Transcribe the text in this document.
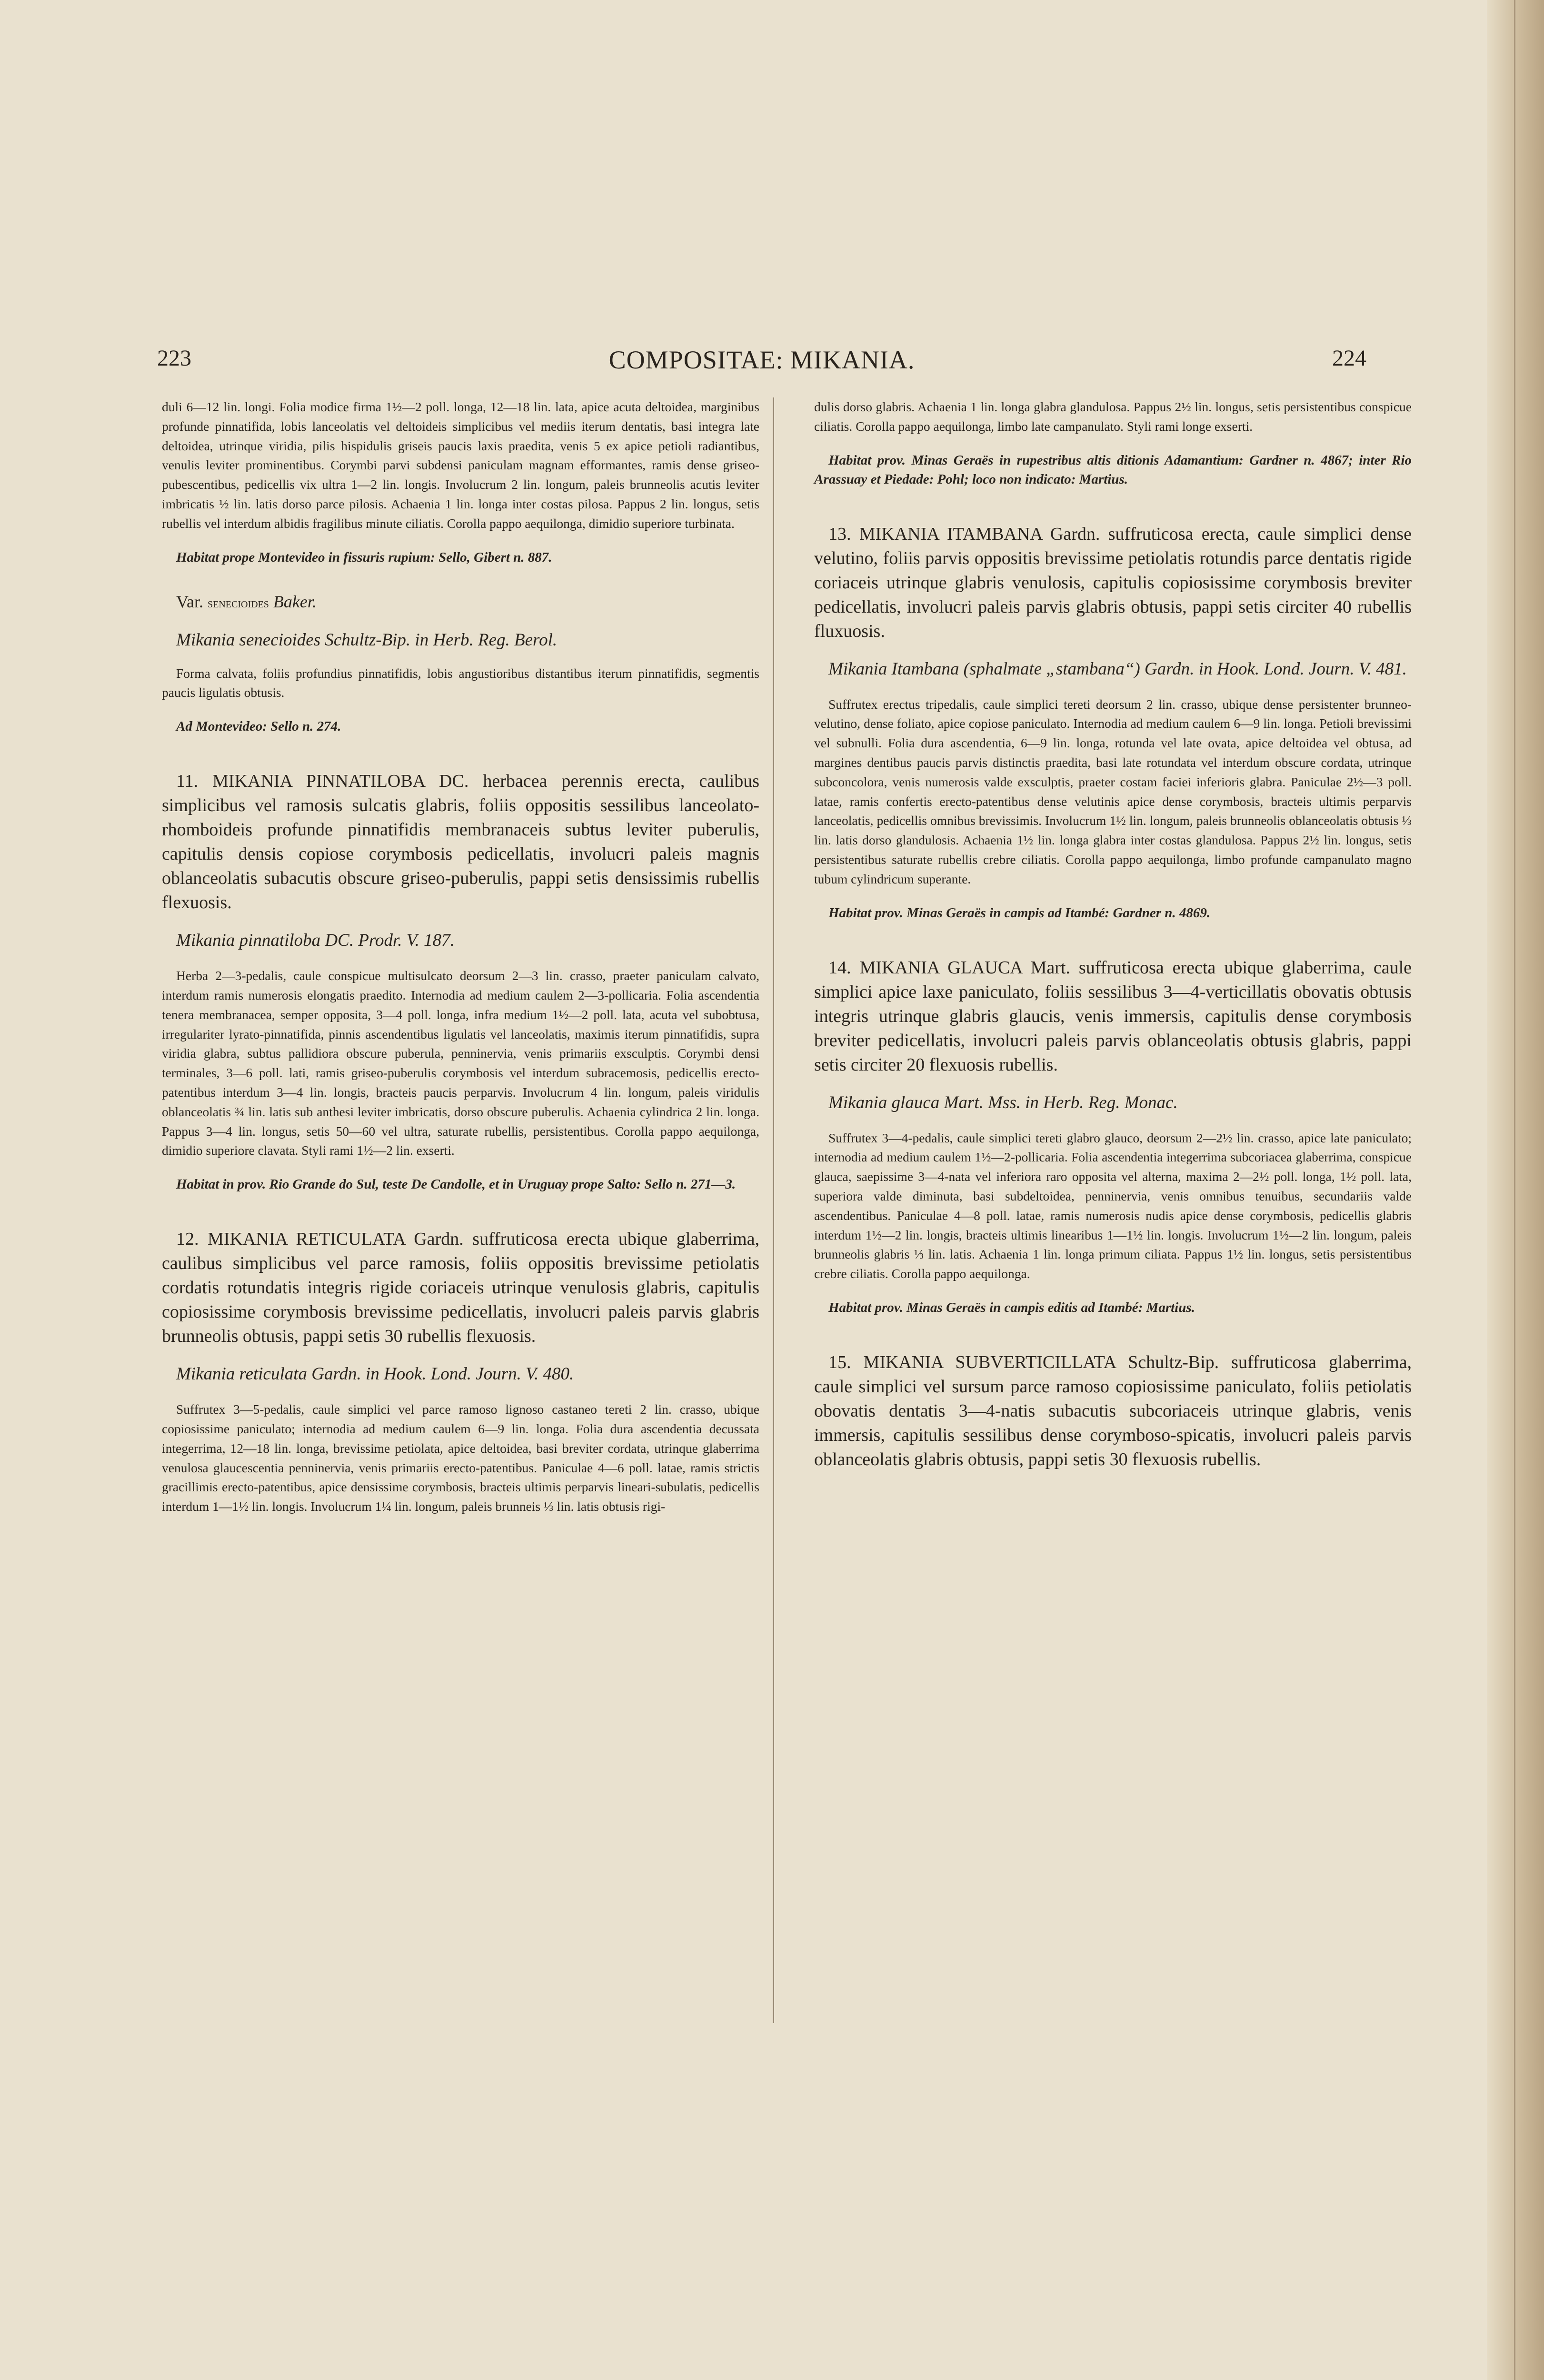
223	COMPOSITAE: MIKANIA.	224

duli 6—12 lin. longi. Folia modice firma 1½—2 poll. longa, 12—18 lin. lata, apice acuta deltoidea, marginibus profunde pinnatifida, lobis lanceolatis vel deltoideis simplicibus vel mediis iterum dentatis, basi integra late deltoidea, utrinque viridia, pilis hispidulis griseis paucis laxis praedita, venis 5 ex apice petioli radiantibus, venulis leviter prominentibus. Corymbi parvi subdensi paniculam magnam efformantes, ramis dense griseo-pubescentibus, pedicellis vix ultra 1—2 lin. longis. Involucrum 2 lin. longum, paleis brunneolis acutis leviter imbricatis ½ lin. latis dorso parce pilosis. Achaenia 1 lin. longa inter costas pilosa. Pappus 2 lin. longus, setis rubellis vel interdum albidis fragilibus minute ciliatis. Corolla pappo aequilonga, dimidio superiore turbinata.

Habitat prope Montevideo in fissuris rupium: Sello, Gibert n. 887.

Var. senecioides Baker.

Mikania senecioides Schultz-Bip. in Herb. Reg. Berol.

Forma calvata, foliis profundius pinnatifidis, lobis angustioribus distantibus iterum pinnatifidis, segmentis paucis ligulatis obtusis.

Ad Montevideo: Sello n. 274.

11. MIKANIA PINNATILOBA DC. herbacea perennis erecta, caulibus simplicibus vel ramosis sulcatis glabris, foliis oppositis sessilibus lanceolato-rhomboideis profunde pinnatifidis membranaceis subtus leviter puberulis, capitulis densis copiose corymbosis pedicellatis, involucri paleis magnis oblanceolatis subacutis obscure griseo-puberulis, pappi setis densissimis rubellis flexuosis.

Mikania pinnatiloba DC. Prodr. V. 187.

Herba 2—3-pedalis, caule conspicue multisulcato deorsum 2—3 lin. crasso, praeter paniculam calvato, interdum ramis numerosis elongatis praedito. Internodia ad medium caulem 2—3-pollicaria. Folia ascendentia tenera membranacea, semper opposita, 3—4 poll. longa, infra medium 1½—2 poll. lata, acuta vel subobtusa, irregulariter lyrato-pinnatifida, pinnis ascendentibus ligulatis vel lanceolatis, maximis iterum pinnatifidis, supra viridia glabra, subtus pallidiora obscure puberula, penninervia, venis primariis exsculptis. Corymbi densi terminales, 3—6 poll. lati, ramis griseo-puberulis corymbosis vel interdum subracemosis, pedicellis erecto-patentibus interdum 3—4 lin. longis, bracteis paucis perparvis. Involucrum 4 lin. longum, paleis viridulis oblanceolatis ¾ lin. latis sub anthesi leviter imbricatis, dorso obscure puberulis. Achaenia cylindrica 2 lin. longa. Pappus 3—4 lin. longus, setis 50—60 vel ultra, saturate rubellis, persistentibus. Corolla pappo aequilonga, dimidio superiore clavata. Styli rami 1½—2 lin. exserti.

Habitat in prov. Rio Grande do Sul, teste De Candolle, et in Uruguay prope Salto: Sello n. 271—3.

12. MIKANIA RETICULATA Gardn. suffruticosa erecta ubique glaberrima, caulibus simplicibus vel parce ramosis, foliis oppositis brevissime petiolatis cordatis rotundatis integris rigide coriaceis utrinque venulosis glabris, capitulis copiosissime corymbosis brevissime pedicellatis, involucri paleis parvis glabris brunneolis obtusis, pappi setis 30 rubellis flexuosis.

Mikania reticulata Gardn. in Hook. Lond. Journ. V. 480.

Suffrutex 3—5-pedalis, caule simplici vel parce ramoso lignoso castaneo tereti 2 lin. crasso, ubique copiosissime paniculato; internodia ad medium caulem 6—9 lin. longa. Folia dura ascendentia decussata integerrima, 12—18 lin. longa, brevissime petiolata, apice deltoidea, basi breviter cordata, utrinque glaberrima venulosa glaucescentia penninervia, venis primariis erecto-patentibus. Paniculae 4—6 poll. latae, ramis strictis gracillimis erecto-patentibus, apice densissime corymbosis, bracteis ultimis perparvis lineari-subulatis, pedicellis interdum 1—1½ lin. longis. Involucrum 1¼ lin. longum, paleis brunneis ⅓ lin. latis obtusis rigi-

dulis dorso glabris. Achaenia 1 lin. longa glabra glandulosa. Pappus 2½ lin. longus, setis persistentibus conspicue ciliatis. Corolla pappo aequilonga, limbo late campanulato. Styli rami longe exserti.

Habitat prov. Minas Geraës in rupestribus altis ditionis Adamantium: Gardner n. 4867; inter Rio Arassuay et Piedade: Pohl; loco non indicato: Martius.

13. MIKANIA ITAMBANA Gardn. suffruticosa erecta, caule simplici dense velutino, foliis parvis oppositis brevissime petiolatis rotundis parce dentatis rigide coriaceis utrinque glabris venulosis, capitulis copiosissime corymbosis breviter pedicellatis, involucri paleis parvis glabris obtusis, pappi setis circiter 40 rubellis fluxuosis.

Mikania Itambana (sphalmate „stambana“) Gardn. in Hook. Lond. Journ. V. 481.

Suffrutex erectus tripedalis, caule simplici tereti deorsum 2 lin. crasso, ubique dense persistenter brunneo-velutino, dense foliato, apice copiose paniculato. Internodia ad medium caulem 6—9 lin. longa. Petioli brevissimi vel subnulli. Folia dura ascendentia, 6—9 lin. longa, rotunda vel late ovata, apice deltoidea vel obtusa, ad margines dentibus paucis parvis distinctis praedita, basi late rotundata vel interdum obscure cordata, utrinque subconcolora, venis numerosis valde exsculptis, praeter costam faciei inferioris glabra. Paniculae 2½—3 poll. latae, ramis confertis erecto-patentibus dense velutinis apice dense corymbosis, bracteis ultimis perparvis lanceolatis, pedicellis omnibus brevissimis. Involucrum 1½ lin. longum, paleis brunneolis oblanceolatis obtusis ⅓ lin. latis dorso glandulosis. Achaenia 1½ lin. longa glabra inter costas glandulosa. Pappus 2½ lin. longus, setis persistentibus saturate rubellis crebre ciliatis. Corolla pappo aequilonga, limbo profunde campanulato magno tubum cylindricum superante.

Habitat prov. Minas Geraës in campis ad Itambé: Gardner n. 4869.

14. MIKANIA GLAUCA Mart. suffruticosa erecta ubique glaberrima, caule simplici apice laxe paniculato, foliis sessilibus 3—4-verticillatis obovatis obtusis integris utrinque glabris glaucis, venis immersis, capitulis dense corymbosis breviter pedicellatis, involucri paleis parvis oblanceolatis obtusis glabris, pappi setis circiter 20 flexuosis rubellis.

Mikania glauca Mart. Mss. in Herb. Reg. Monac.

Suffrutex 3—4-pedalis, caule simplici tereti glabro glauco, deorsum 2—2½ lin. crasso, apice late paniculato; internodia ad medium caulem 1½—2-pollicaria. Folia ascendentia integerrima subcoriacea glaberrima, conspicue glauca, saepissime 3—4-nata vel inferiora raro opposita vel alterna, maxima 2—2½ poll. longa, 1½ poll. lata, superiora valde diminuta, basi subdeltoidea, penninervia, venis omnibus tenuibus, secundariis valde ascendentibus. Paniculae 4—8 poll. latae, ramis numerosis nudis apice dense corymbosis, pedicellis glabris interdum 1½—2 lin. longis, bracteis ultimis linearibus 1—1½ lin. longis. Involucrum 1½—2 lin. longum, paleis brunneolis glabris ⅓ lin. latis. Achaenia 1 lin. longa primum ciliata. Pappus 1½ lin. longus, setis persistentibus crebre ciliatis. Corolla pappo aequilonga.

Habitat prov. Minas Geraës in campis editis ad Itambé: Martius.

15. MIKANIA SUBVERTICILLATA Schultz-Bip. suffruticosa glaberrima, caule simplici vel sursum parce ramoso copiosissime paniculato, foliis petiolatis obovatis dentatis 3—4-natis subacutis subcoriaceis utrinque glabris, venis immersis, capitulis sessilibus dense corymboso-spicatis, involucri paleis parvis oblanceolatis glabris obtusis, pappi setis 30 flexuosis rubellis.
